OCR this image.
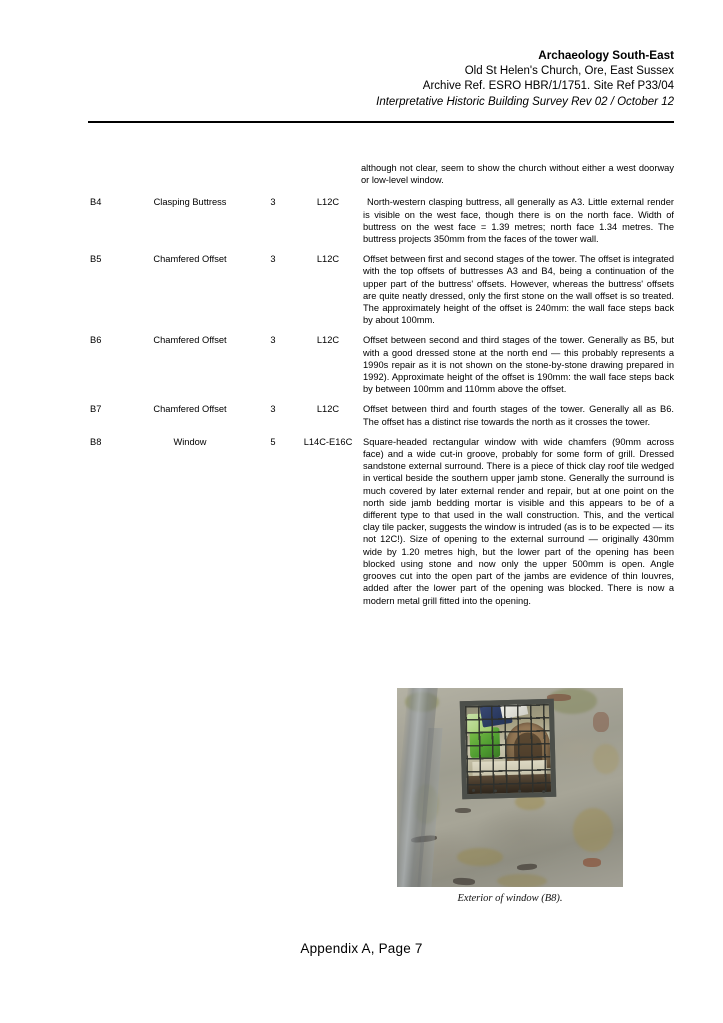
Archaeology South-East
Old St Helen's Church, Ore, East Sussex
Archive Ref. ESRO HBR/1/1751. Site Ref P33/04
Interpretative Historic Building Survey Rev 02 / October 12
although not clear, seem to show the church without either a west doorway or low-level window.
B4	Clasping Buttress	3	L12C	North-western clasping buttress, all generally as A3. Little external render is visible on the west face, though there is on the north face. Width of buttress on the west face = 1.39 metres; north face 1.34 metres. The buttress projects 350mm from the faces of the tower wall.
B5	Chamfered Offset	3	L12C	Offset between first and second stages of the tower. The offset is integrated with the top offsets of buttresses A3 and B4, being a continuation of the upper part of the buttress' offsets. However, whereas the buttress' offsets are quite neatly dressed, only the first stone on the wall offset is so treated. The approximately height of the offset is 240mm: the wall face steps back by about 100mm.
B6	Chamfered Offset	3	L12C	Offset between second and third stages of the tower. Generally as B5, but with a good dressed stone at the north end — this probably represents a 1990s repair as it is not shown on the stone-by-stone drawing prepared in 1992). Approximate height of the offset is 190mm: the wall face steps back by between 100mm and 110mm above the offset.
B7	Chamfered Offset	3	L12C	Offset between third and fourth stages of the tower. Generally all as B6. The offset has a distinct rise towards the north as it crosses the tower.
B8	Window	5	L14C-E16C	Square-headed rectangular window with wide chamfers (90mm across face) and a wide cut-in groove, probably for some form of grill. Dressed sandstone external surround. There is a piece of thick clay roof tile wedged in vertical beside the southern upper jamb stone. Generally the surround is much covered by later external render and repair, but at one point on the north side jamb bedding mortar is visible and this appears to be of a different type to that used in the wall construction. This, and the vertical clay tile packer, suggests the window is intruded (as is to be expected — its not 12C!). Size of opening to the external surround — originally 430mm wide by 1.20 metres high, but the lower part of the opening has been blocked using stone and now only the upper 500mm is open. Angle grooves cut into the open part of the jambs are evidence of thin louvres, added after the lower part of the opening was blocked. There is now a modern metal grill fitted into the opening.
Exterior of window (B8).
Appendix A, Page 7
